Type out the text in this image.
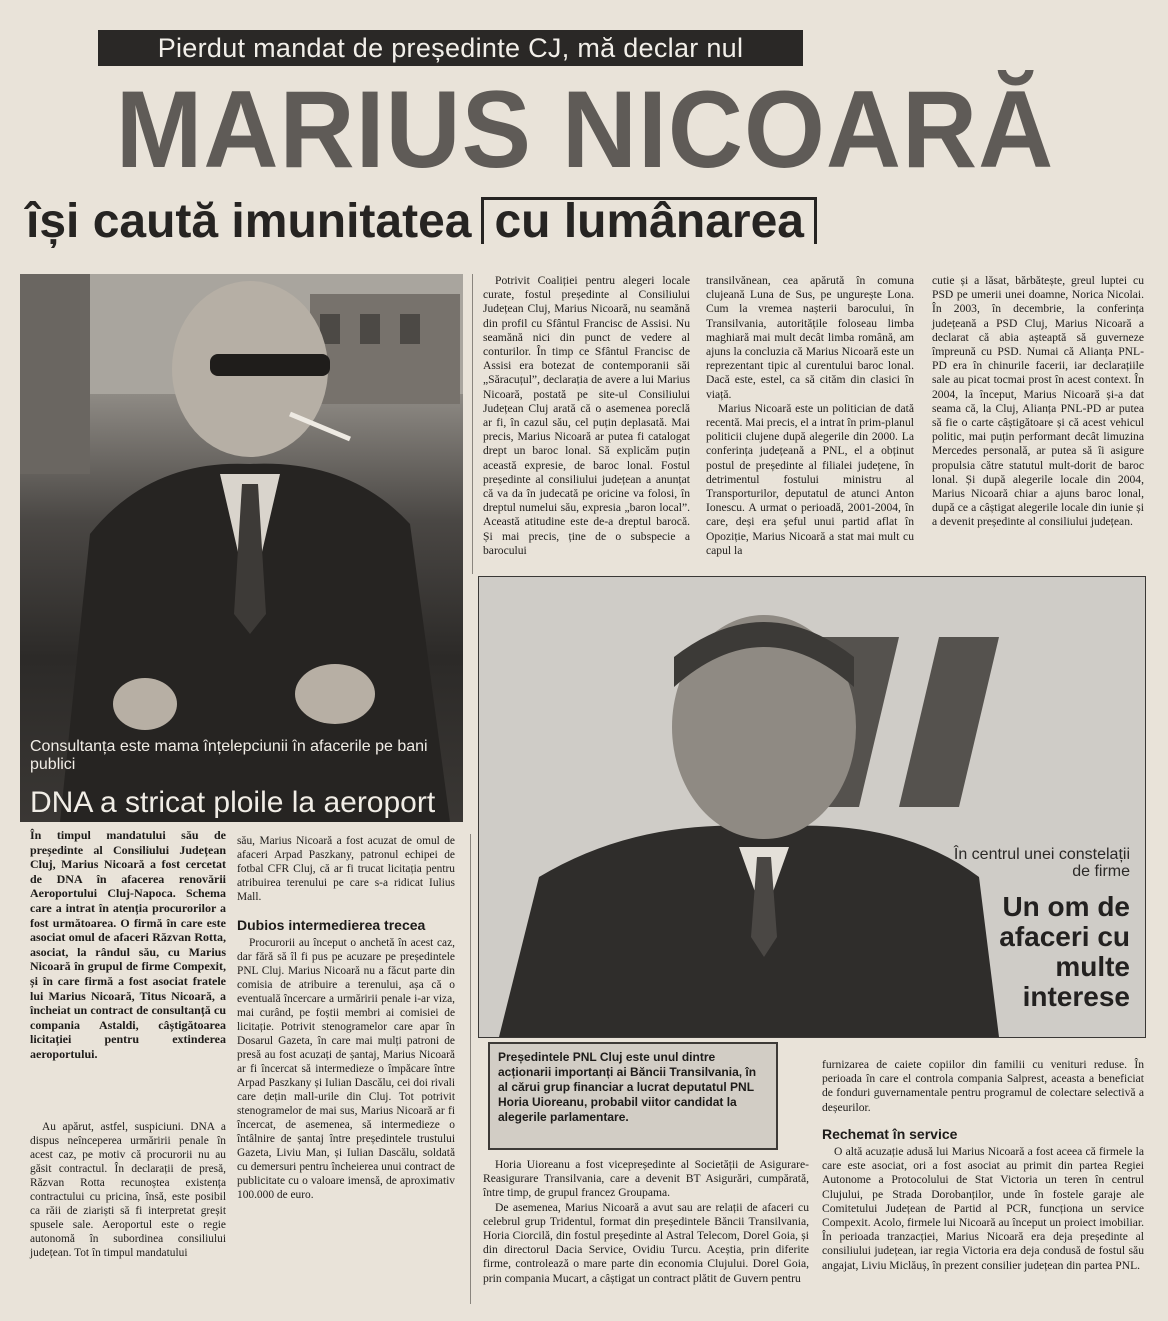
Pierdut mandat de președinte CJ, mă declar nul
MARIUS NICOARĂ
își caută imunitatea cu lumânarea
Consultanța este mama înțelepciunii în afacerile pe bani publici
DNA a stricat ploile la aeroport
În timpul mandatului său de președinte al Consiliului Județean Cluj, Marius Nicoară a fost cercetat de DNA în afacerea renovării Aeroportului Cluj-Napoca. Schema care a intrat în atenția procurorilor a fost următoarea. O firmă în care este asociat omul de afaceri Răzvan Rotta, asociat, la rândul său, cu Marius Nicoară în grupul de firme Compexit, și în care firmă a fost asociat fratele lui Marius Nicoară, Titus Nicoară, a încheiat un contract de consultanță cu compania Astaldi, câștigătoarea licitației pentru extinderea aeroportului.

Au apărut, astfel, suspiciuni. DNA a dispus neînceperea urmăririi penale în acest caz, pe motiv că procurorii nu au găsit contractul. În declarații de presă, Răzvan Rotta recunoștea existența contractului cu pricina, însă, este posibil ca răii de ziariști să fi interpretat greșit spusele sale. Aeroportul este o regie autonomă în subordinea consiliului județean. Tot în timpul mandatului

său, Marius Nicoară a fost acuzat de omul de afaceri Arpad Paszkany, patronul echipei de fotbal CFR Cluj, că ar fi trucat licitația pentru atribuirea terenului pe care s-a ridicat Iulius Mall.

Dubios intermedierea trecea

Procurorii au început o anchetă în acest caz, dar fără să îl fi pus pe acuzare pe președintele PNL Cluj. Marius Nicoară nu a făcut parte din comisia de atribuire a terenului, așa că o eventuală încercare a urmăririi penale i-ar viza, mai curând, pe foștii membri ai comisiei de licitație. Potrivit stenogramelor care apar în Dosarul Gazeta, în care mai mulți patroni de presă au fost acuzați de șantaj, Marius Nicoară ar fi încercat să intermedieze o împăcare între Arpad Paszkany și Iulian Dascălu, cei doi rivali care dețin mall-urile din Cluj. Tot potrivit stenogramelor de mai sus, Marius Nicoară ar fi încercat, de asemenea, să intermedieze o întâlnire de șantaj între președintele trustului Gazeta, Liviu Man, și Iulian Dascălu, soldată cu demersuri pentru încheierea unui contract de publicitate cu o valoare imensă, de aproximativ 100.000 de euro.

Potrivit Coaliției pentru alegeri locale curate, fostul președinte al Consiliului Județean Cluj, Marius Nicoară, nu seamănă din profil cu Sfântul Francisc de Assisi. Nu seamănă nici din punct de vedere al conturilor. În timp ce Sfântul Francisc de Assisi era botezat de contemporanii săi „Săracuțul”, declarația de avere a lui Marius Nicoară, postată pe site-ul Consiliului Județean Cluj arată că o asemenea poreclă ar fi, în cazul său, cel puțin deplasată. Mai precis, Marius Nicoară ar putea fi catalogat drept un baroc lonal. Să explicăm puțin această expresie, de baroc lonal. Fostul președinte al consiliului județean a anunțat că va da în judecată pe oricine va folosi, în dreptul numelui său, expresia „baron local”. Această atitudine este de-a dreptul barocă. Și mai precis, ține de o subspecie a barocului

transilvănean, cea apărută în comuna clujeană Luna de Sus, pe ungurește Lona. Cum la vremea nașterii barocului, în Transilvania, autoritățile foloseau limba maghiară mai mult decât limba română, am ajuns la concluzia că Marius Nicoară este un reprezentant tipic al curentului baroc lonal. Dacă este, estel, ca să cităm din clasici în viață.

Marius Nicoară este un politician de dată recentă. Mai precis, el a intrat în prim-planul politicii clujene după alegerile din 2000. La conferința județeană a PNL, el a obținut postul de președinte al filialei județene, în detrimentul fostului ministru al Transporturilor, deputatul de atunci Anton Ionescu. A urmat o perioadă, 2001-2004, în care, deși era șeful unui partid aflat în Opoziție, Marius Nicoară a stat mai mult cu capul la

cutie și a lăsat, bărbătește, greul luptei cu PSD pe umerii unei doamne, Norica Nicolai. În 2003, în decembrie, la conferința județeană a PSD Cluj, Marius Nicoară a declarat că abia așteaptă să guverneze împreună cu PSD. Numai că Alianța PNL-PD era în chinurile facerii, iar declarațiile sale au picat tocmai prost în acest context. În 2004, la început, Marius Nicoară și-a dat seama că, la Cluj, Alianța PNL-PD ar putea să fie o carte câștigătoare și că acest vehicul politic, mai puțin performant decât limuzina Mercedes personală, ar putea să îi asigure propulsia către statutul mult-dorit de baroc lonal. Și după alegerile locale din 2004, Marius Nicoară chiar a ajuns baroc lonal, după ce a câștigat alegerile locale din iunie și a devenit președinte al consiliului județean.

În centrul unei constelații de firme
Un om de afaceri cu multe interese
Președintele PNL Cluj este unul dintre acționarii importanți ai Băncii Transilvania, în al cărui grup financiar a lucrat deputatul PNL Horia Uioreanu, probabil viitor candidat la alegerile parlamentare.

Horia Uioreanu a fost vicepreședinte al Societății de Asigurare-Reasigurare Transilvania, care a devenit BT Asigurări, cumpărată, între timp, de grupul francez Groupama.

De asemenea, Marius Nicoară a avut sau are relații de afaceri cu celebrul grup Tridentul, format din președintele Băncii Transilvania, Horia Ciorcilă, din fostul președinte al Astral Telecom, Dorel Goia, și din directorul Dacia Service, Ovidiu Turcu. Aceștia, prin diferite firme, controlează o mare parte din economia Clujului. Dorel Goia, prin compania Mucart, a câștigat un contract plătit de Guvern pentru

furnizarea de caiete copiilor din familii cu venituri reduse. În perioada în care el controla compania Salprest, aceasta a beneficiat de fonduri guvernamentale pentru programul de colectare selectivă a deșeurilor.

Rechemat în service

O altă acuzație adusă lui Marius Nicoară a fost aceea că firmele la care este asociat, ori a fost asociat au primit din partea Regiei Autonome a Protocolului de Stat Victoria un teren în centrul Clujului, pe Strada Dorobanților, unde în fostele garaje ale Comitetului Județean de Partid al PCR, funcționa un service Compexit. Acolo, firmele lui Nicoară au început un proiect imobiliar. În perioada tranzacției, Marius Nicoară era deja președinte al consiliului județean, iar regia Victoria era deja condusă de fostul său angajat, Liviu Miclăuș, în prezent consilier județean din partea PNL.
